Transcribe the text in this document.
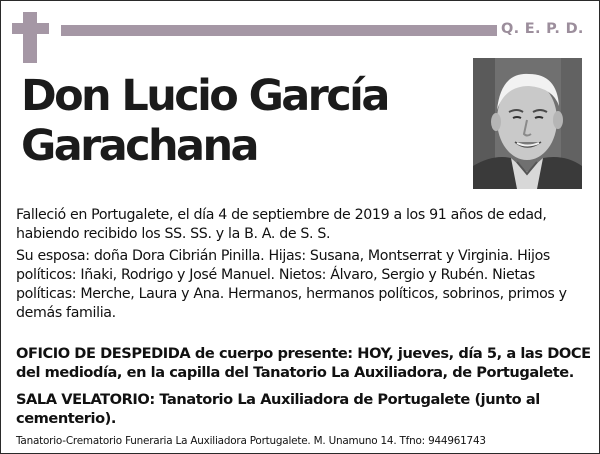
Q. E. P. D.
Don Lucio García
Garachana

Falleció en Portugalete, el día 4 de septiembre de 2019 a los 91 años de edad, habiendo recibido los SS. SS. y la B. A. de S. S.

Su esposa: doña Dora Cibrián Pinilla. Hijas: Susana, Montserrat y Virginia. Hijos políticos: Iñaki, Rodrigo y José Manuel. Nietos: Álvaro, Sergio y Rubén. Nietas políticas: Merche, Laura y Ana. Hermanos, hermanos políticos, sobrinos, primos y demás familia.

OFICIO DE DESPEDIDA de cuerpo presente: HOY, jueves, día 5, a las DOCE del mediodía, en la capilla del Tanatorio La Auxiliadora, de Portugalete.

SALA VELATORIO: Tanatorio La Auxiliadora de Portugalete (junto al cementerio).

Tanatorio-Crematorio Funeraria La Auxiliadora Portugalete. M. Unamuno 14. Tfno: 944961743
